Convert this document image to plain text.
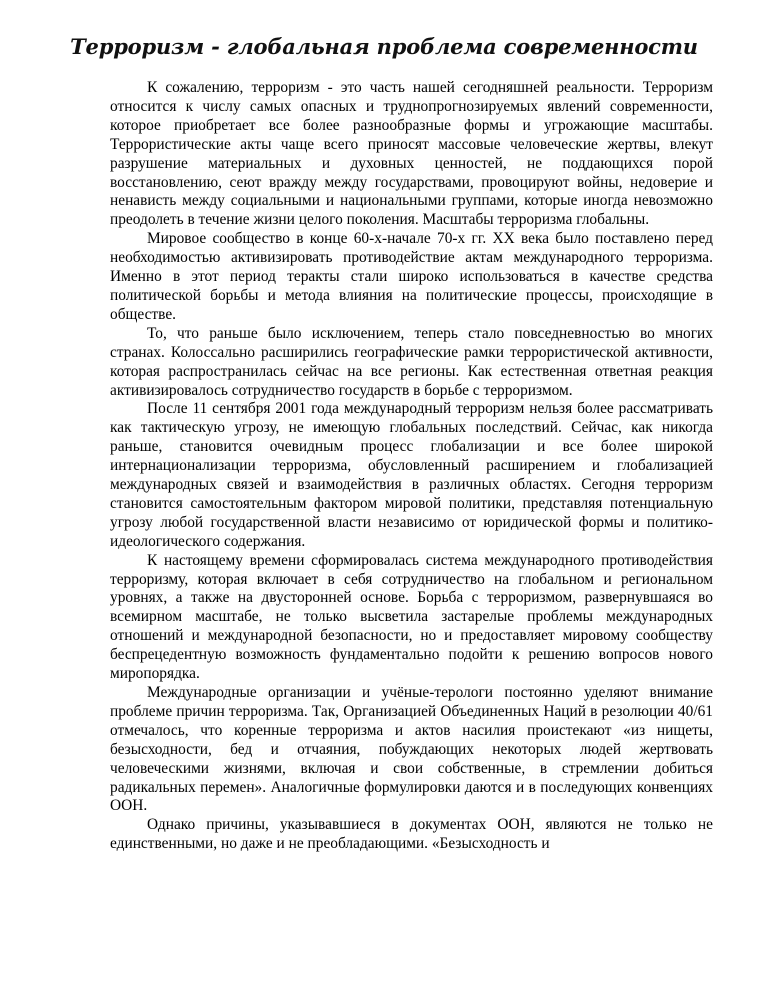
Терроризм - глобальная проблема современности

К сожалению, терроризм - это часть нашей сегодняшней реальности. Терроризм относится к числу самых опасных и труднопрогнозируемых явлений современности, которое приобретает все более разнообразные формы и угрожающие масштабы. Террористические акты чаще всего приносят массовые человеческие жертвы, влекут разрушение материальных и духовных ценностей, не поддающихся порой восстановлению, сеют вражду между государствами, провоцируют войны, недоверие и ненависть между социальными и национальными группами, которые иногда невозможно преодолеть в течение жизни целого поколения. Масштабы терроризма глобальны.

Мировое сообщество в конце 60-х-начале 70-х гг. XX века было поставлено перед необходимостью активизировать противодействие актам международного терроризма. Именно в этот период теракты стали широко использоваться в качестве средства политической борьбы и метода влияния на политические процессы, происходящие в обществе.

То, что раньше было исключением, теперь стало повседневностью во многих странах. Колоссально расширились географические рамки террористической активности, которая распространилась сейчас на все регионы. Как естественная ответная реакция активизировалось сотрудничество государств в борьбе с терроризмом.

После 11 сентября 2001 года международный терроризм нельзя более рассматривать как тактическую угрозу, не имеющую глобальных последствий. Сейчас, как никогда раньше, становится очевидным процесс глобализации и все более широкой интернационализации терроризма, обусловленный расширением и глобализацией международных связей и взаимодействия в различных областях. Сегодня терроризм становится самостоятельным фактором мировой политики, представляя потенциальную угрозу любой государственной власти независимо от юридической формы и политико-идеологического содержания.

К настоящему времени сформировалась система международного противодействия терроризму, которая включает в себя сотрудничество на глобальном и региональном уровнях, а также на двусторонней основе. Борьба с терроризмом, развернувшаяся во всемирном масштабе, не только высветила застарелые проблемы международных отношений и международной безопасности, но и предоставляет мировому сообществу беспрецедентную возможность фундаментально подойти к решению вопросов нового миропорядка.

Международные организации и учёные-терологи постоянно уделяют внимание проблеме причин терроризма. Так, Организацией Объединенных Наций в резолюции 40/61 отмечалось, что коренные терроризма и актов насилия проистекают «из нищеты, безысходности, бед и отчаяния, побуждающих некоторых людей жертвовать человеческими жизнями, включая и свои собственные, в стремлении добиться радикальных перемен». Аналогичные формулировки даются и в последующих конвенциях ООН.

Однако причины, указывавшиеся в документах ООН, являются не только не единственными, но даже и не преобладающими. «Безысходность и
